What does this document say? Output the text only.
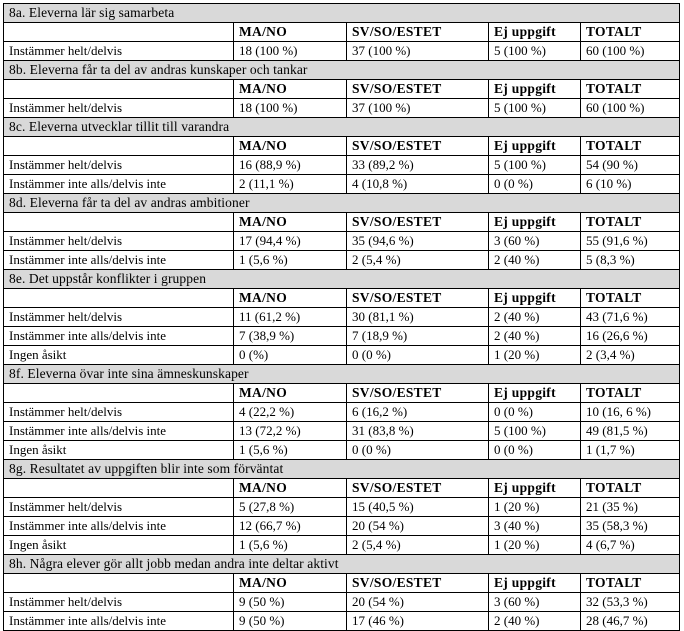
8a. Eleverna lär sig samarbeta				
	MA/NO	SV/SO/ESTET	Ej uppgift	TOTALT
Instämmer helt/delvis	18 (100 %)	37 (100 %)	5 (100 %)	60 (100 %)
8b. Eleverna får ta del av andras kunskaper och tankar				
	MA/NO	SV/SO/ESTET	Ej uppgift	TOTALT
Instämmer helt/delvis	18 (100 %)	37 (100 %)	5 (100 %)	60 (100 %)
8c. Eleverna utvecklar tillit till varandra				
	MA/NO	SV/SO/ESTET	Ej uppgift	TOTALT
Instämmer helt/delvis	16 (88,9 %)	33 (89,2 %)	5 (100 %)	54 (90 %)
Instämmer inte alls/delvis inte	2 (11,1 %)	4 (10,8 %)	0 (0 %)	6 (10 %)
8d. Eleverna får ta del av andras ambitioner				
	MA/NO	SV/SO/ESTET	Ej uppgift	TOTALT
Instämmer helt/delvis	17 (94,4 %)	35 (94,6 %)	3 (60 %)	55 (91,6 %)
Instämmer inte alls/delvis inte	1 (5,6 %)	2 (5,4 %)	2 (40 %)	5 (8,3 %)
8e. Det uppstår konflikter i gruppen				
	MA/NO	SV/SO/ESTET	Ej uppgift	TOTALT
Instämmer helt/delvis	11 (61,2 %)	30 (81,1 %)	2 (40 %)	43 (71,6 %)
Instämmer inte alls/delvis inte	7 (38,9 %)	7 (18,9 %)	2 (40 %)	16 (26,6 %)
Ingen åsikt	0 (%)	0 (0 %)	1 (20 %)	2 (3,4 %)
8f. Eleverna övar inte sina ämneskunskaper				
	MA/NO	SV/SO/ESTET	Ej uppgift	TOTALT
Instämmer helt/delvis	4 (22,2 %)	6 (16,2 %)	0 (0 %)	10 (16, 6 %)
Instämmer inte alls/delvis inte	13 (72,2 %)	31 (83,8 %)	5 (100 %)	49 (81,5 %)
Ingen åsikt	1 (5,6 %)	0 (0 %)	0 (0 %)	1 (1,7 %)
8g. Resultatet av uppgiften blir inte som förväntat				
	MA/NO	SV/SO/ESTET	Ej uppgift	TOTALT
Instämmer helt/delvis	5 (27,8 %)	15 (40,5 %)	1 (20 %)	21 (35 %)
Instämmer inte alls/delvis inte	12 (66,7 %)	20 (54 %)	3 (40 %)	35 (58,3 %)
Ingen åsikt	1 (5,6 %)	2 (5,4 %)	1 (20 %)	4 (6,7 %)
8h. Några elever gör allt jobb medan andra inte deltar aktivt				
	MA/NO	SV/SO/ESTET	Ej uppgift	TOTALT
Instämmer helt/delvis	9 (50 %)	20 (54 %)	3 (60 %)	32 (53,3 %)
Instämmer inte alls/delvis inte	9 (50 %)	17 (46 %)	2 (40 %)	28 (46,7 %)
